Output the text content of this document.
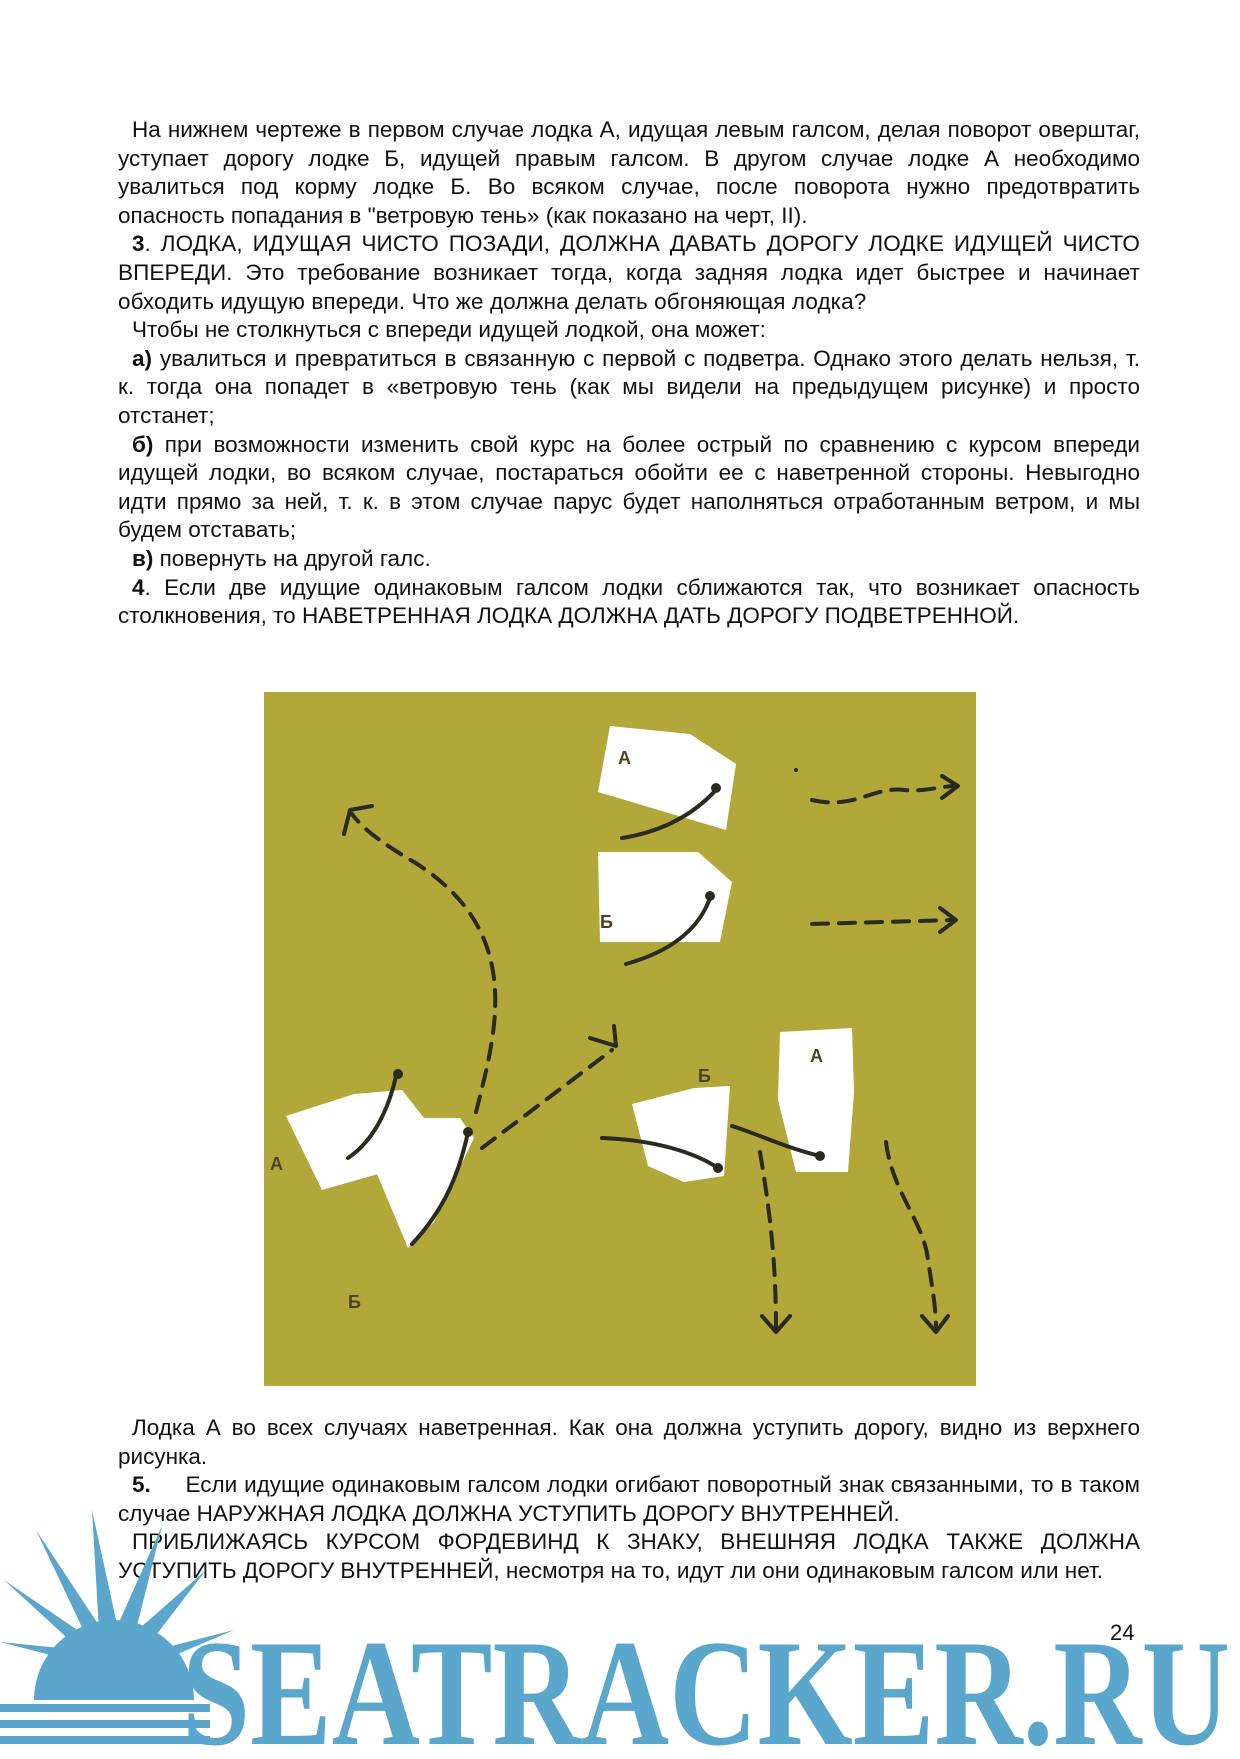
На нижнем чертеже в первом случае лодка А, идущая левым галсом, делая поворот оверштаг, уступает дорогу лодке Б, идущей правым галсом. В другом случае лодке А необходимо увалиться под корму лодке Б. Во всяком случае, после поворота нужно предотвратить опасность попадания в "ветровую тень» (как показано на черт, II).

3. ЛОДКА, ИДУЩАЯ ЧИСТО ПОЗАДИ, ДОЛЖНА ДАВАТЬ ДОРОГУ ЛОДКЕ ИДУЩЕЙ ЧИСТО ВПЕРЕДИ. Это требование возникает тогда, когда задняя лодка идет быстрее и начинает обходить идущую впереди. Что же должна делать обгоняющая лодка?

Чтобы не столкнуться с впереди идущей лодкой, она может:

а) увалиться и превратиться в связанную с первой с подветра. Однако этого делать нельзя, т. к. тогда она попадет в «ветровую тень (как мы видели на предыдущем рисунке) и просто отстанет;

б) при возможности изменить свой курс на более острый по сравнению с курсом впереди идущей лодки, во всяком случае, постараться обойти ее с наветренной стороны. Невыгодно идти прямо за ней, т. к. в этом случае парус будет наполняться отработанным ветром, и мы будем отставать;

в) повернуть на другой галс.

4. Если две идущие одинаковым галсом лодки сближаются так, что возникает опасность столкновения, то НАВЕТРЕННАЯ ЛОДКА ДОЛЖНА ДАТЬ ДОРОГУ ПОДВЕТРЕННОЙ.

А
Б
А
Б
Б
А

Лодка А во всех случаях наветренная. Как она должна уступить дорогу, видно из верхнего рисунка.

5.     Если идущие одинаковым галсом лодки огибают поворотный знак связанными, то в таком случае НАРУЖНАЯ ЛОДКА ДОЛЖНА УСТУПИТЬ ДОРОГУ ВНУТРЕННЕЙ.

ПРИБЛИЖАЯСЬ КУРСОМ ФОРДЕВИНД К ЗНАКУ, ВНЕШНЯЯ ЛОДКА ТАКЖЕ ДОЛЖНА УСТУПИТЬ ДОРОГУ ВНУТРЕННЕЙ, несмотря на то, идут ли они одинаковым галсом или нет.

SEATRACKER.RU
24
